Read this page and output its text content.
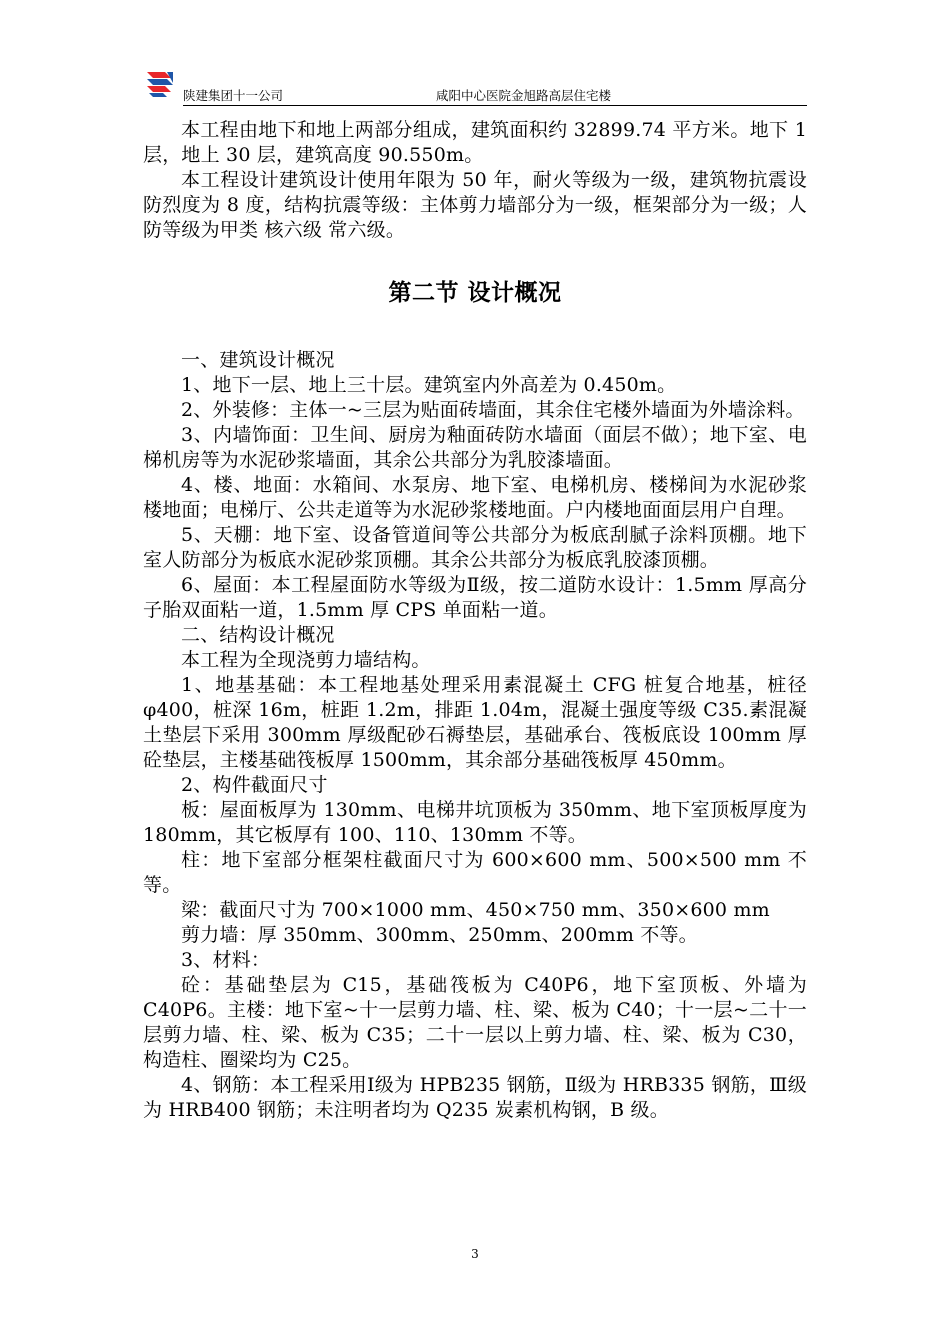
陕建集团十一公司	咸阳中心医院金旭路高层住宅楼

本工程由地下和地上两部分组成，建筑面积约 32899.74 平方米。地下 1 层，地上 30 层，建筑高度 90.550m。

本工程设计建筑设计使用年限为 50 年，耐火等级为一级，建筑物抗震设防烈度为 8 度，结构抗震等级：主体剪力墙部分为一级，框架部分为一级；人防等级为甲类 核六级 常六级。

第二节 设计概况

一、建筑设计概况

1、地下一层、地上三十层。建筑室内外高差为 0.450m。

2、外装修：主体一~三层为贴面砖墙面，其余住宅楼外墙面为外墙涂料。

3、内墙饰面：卫生间、厨房为釉面砖防水墙面（面层不做）；地下室、电梯机房等为水泥砂浆墙面，其余公共部分为乳胶漆墙面。

4、楼、地面：水箱间、水泵房、地下室、电梯机房、楼梯间为水泥砂浆楼地面；电梯厅、公共走道等为水泥砂浆楼地面。户内楼地面面层用户自理。

5、天棚：地下室、设备管道间等公共部分为板底刮腻子涂料顶棚。地下室人防部分为板底水泥砂浆顶棚。其余公共部分为板底乳胶漆顶棚。

6、屋面：本工程屋面防水等级为Ⅱ级，按二道防水设计：1.5mm 厚高分子胎双面粘一道，1.5mm 厚 CPS 单面粘一道。

二、结构设计概况

本工程为全现浇剪力墙结构。

1、地基基础：本工程地基处理采用素混凝土 CFG 桩复合地基，桩径 φ400，桩深 16m，桩距 1.2m，排距 1.04m，混凝土强度等级 C35.素混凝土垫层下采用 300mm 厚级配砂石褥垫层，基础承台、筏板底设 100mm 厚砼垫层，主楼基础筏板厚 1500mm，其余部分基础筏板厚 450mm。

2、构件截面尺寸

板：屋面板厚为 130mm、电梯井坑顶板为 350mm、地下室顶板厚度为 180mm，其它板厚有 100、110、130mm 不等。

柱：地下室部分框架柱截面尺寸为 600×600 mm、500×500 mm 不等。

梁：截面尺寸为 700×1000 mm、450×750 mm、350×600 mm

剪力墙：厚 350mm、300mm、250mm、200mm 不等。

3、材料：

砼：基础垫层为 C15，基础筏板为 C40P6，地下室顶板、外墙为 C40P6。主楼：地下室~十一层剪力墙、柱、梁、板为 C40；十一层~二十一层剪力墙、柱、梁、板为 C35；二十一层以上剪力墙、柱、梁、板为 C30，构造柱、圈梁均为 C25。

4、钢筋：本工程采用Ⅰ级为 HPB235 钢筋，Ⅱ级为 HRB335 钢筋，Ⅲ级为 HRB400 钢筋；未注明者均为 Q235 炭素机构钢，B 级。

3
